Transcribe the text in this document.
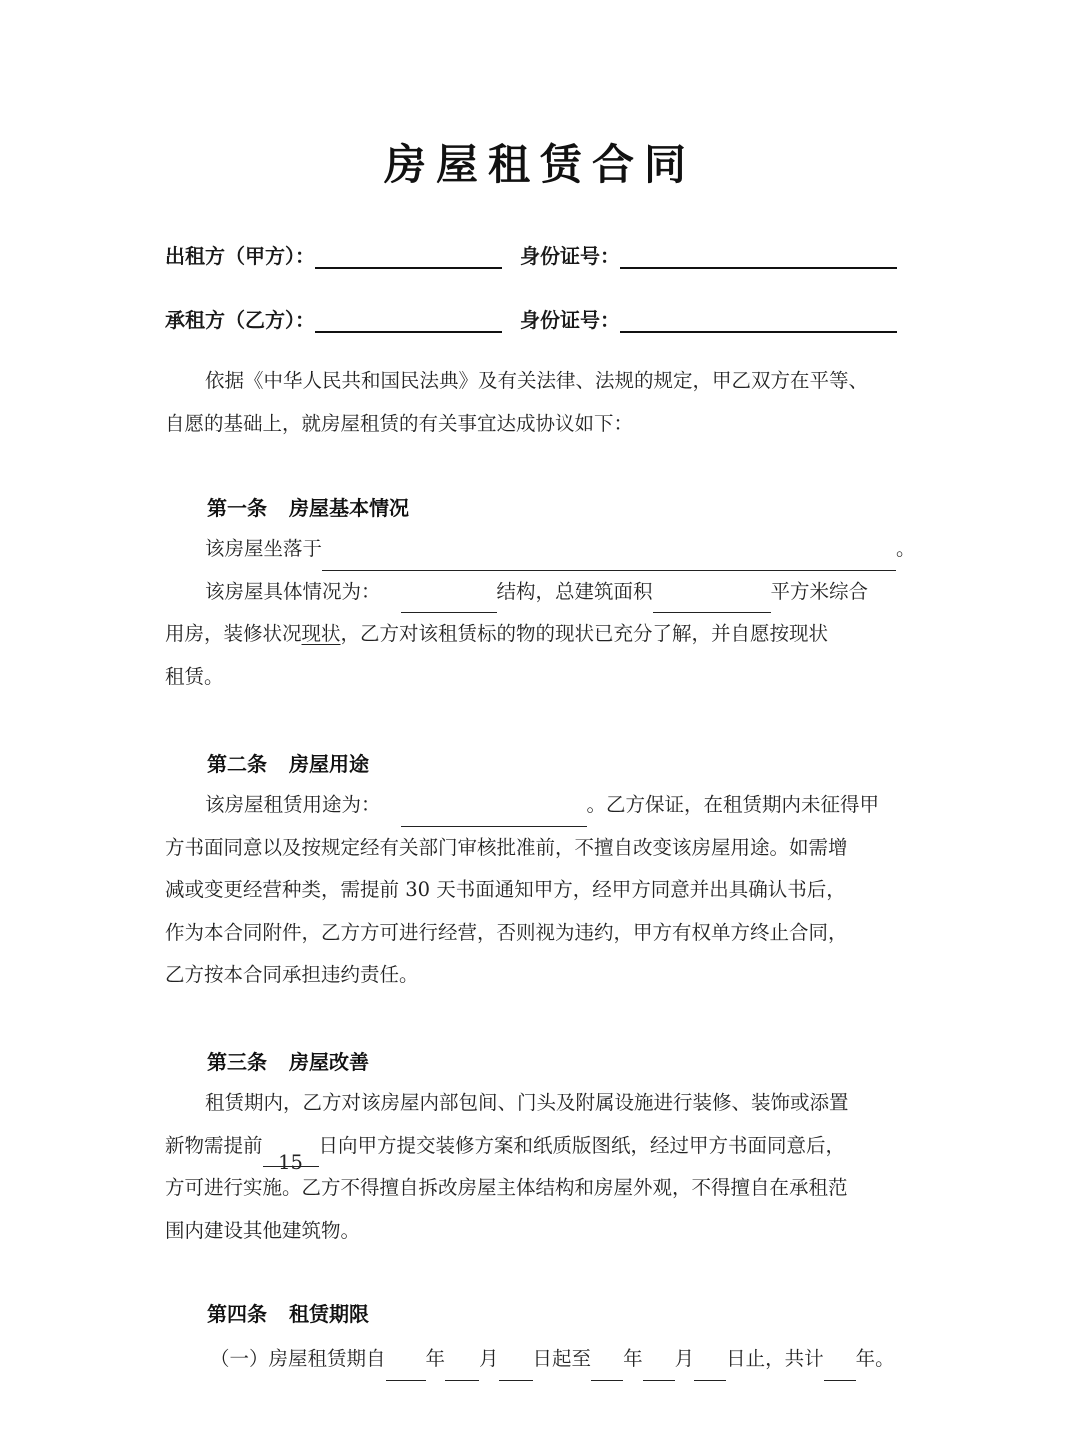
房屋租赁合同
出租方（甲方）：	身份证号：
承租方（乙方）：	身份证号：
依据《中华人民共和国民法典》及有关法律、法规的规定，甲乙双方在平等、
自愿的基础上，就房屋租赁的有关事宜达成协议如下：
第一条 房屋基本情况
该房屋坐落于	。
该房屋具体情况为：	结构，总建筑面积	平方米综合
用房，装修状况现状，乙方对该租赁标的物的现状已充分了解，并自愿按现状
租赁。
第二条 房屋用途
该房屋租赁用途为：	。乙方保证，在租赁期内未征得甲
方书面同意以及按规定经有关部门审核批准前，不擅自改变该房屋用途。如需增
减或变更经营种类，需提前 30 天书面通知甲方，经甲方同意并出具确认书后，
作为本合同附件，乙方方可进行经营，否则视为违约，甲方有权单方终止合同，
乙方按本合同承担违约责任。
第三条 房屋改善
租赁期内，乙方对该房屋内部包间、门头及附属设施进行装修、装饰或添置
新物需提前15日向甲方提交装修方案和纸质版图纸，经过甲方书面同意后，
方可进行实施。乙方不得擅自拆改房屋主体结构和房屋外观，不得擅自在承租范
围内建设其他建筑物。
第四条 租赁期限
（一）房屋租赁期自 年 月 日起至 年 月 日止，共计 年。
